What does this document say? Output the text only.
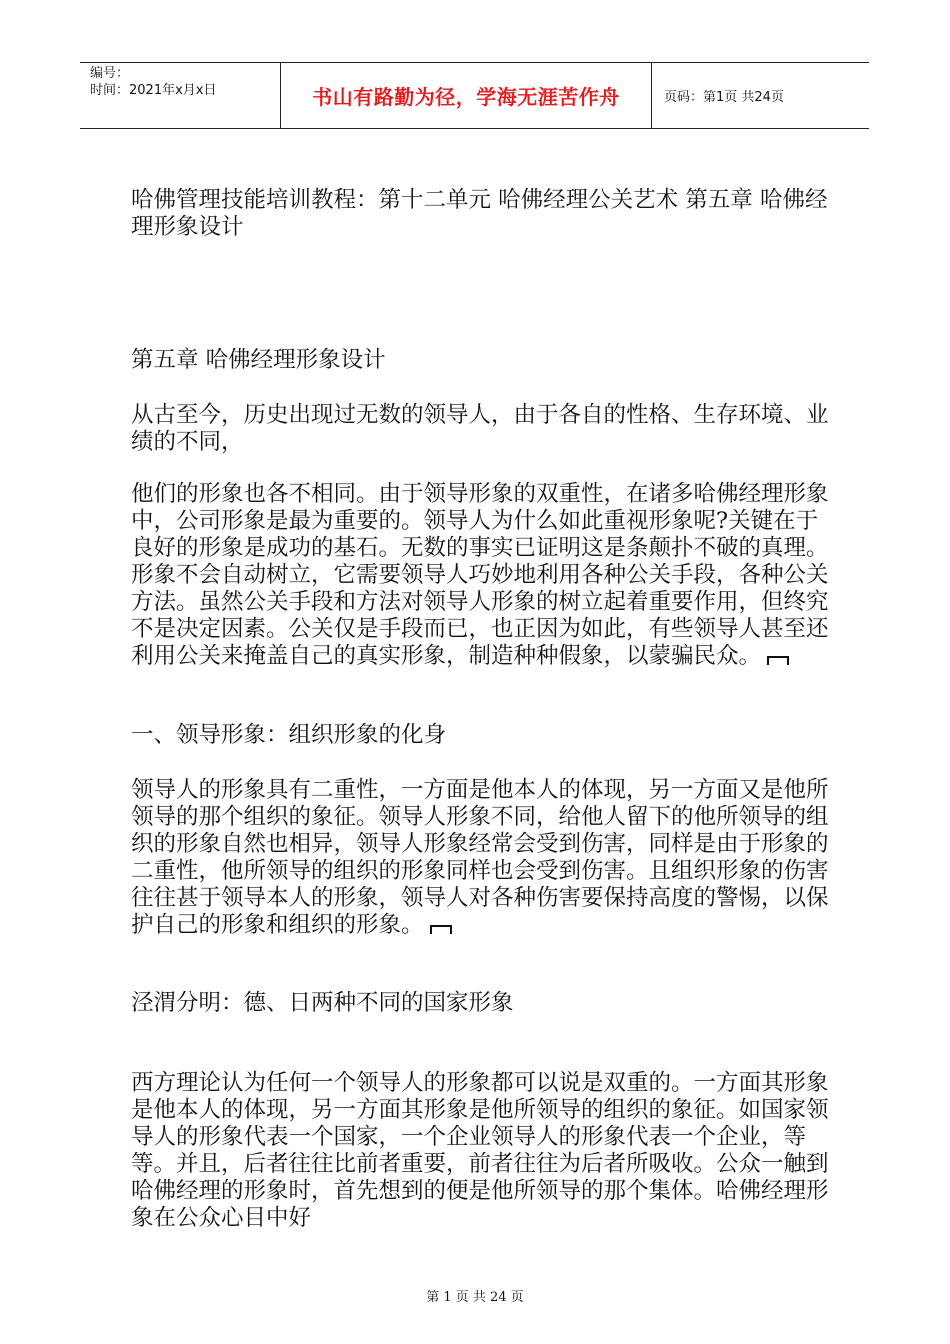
编号：
时间：2021年x月x日	书山有路勤为径，学海无涯苦作舟	页码：第1页 共24页

哈佛管理技能培训教程：第十二单元 哈佛经理公关艺术 第五章 哈佛经理形象设计

第五章 哈佛经理形象设计

从古至今，历史出现过无数的领导人，由于各自的性格、生存环境、业绩的不同，

他们的形象也各不相同。由于领导形象的双重性，在诸多哈佛经理形象中，公司形象是最为重要的。领导人为什么如此重视形象呢?关键在于良好的形象是成功的基石。无数的事实已证明这是条颠扑不破的真理。形象不会自动树立，它需要领导人巧妙地利用各种公关手段，各种公关方法。虽然公关手段和方法对领导人形象的树立起着重要作用，但终究不是决定因素。公关仅是手段而已，也正因为如此，有些领导人甚至还利用公关来掩盖自己的真实形象，制造种种假象，以蒙骗民众。

一、领导形象：组织形象的化身

领导人的形象具有二重性，一方面是他本人的体现，另一方面又是他所领导的那个组织的象征。领导人形象不同，给他人留下的他所领导的组织的形象自然也相异，领导人形象经常会受到伤害，同样是由于形象的二重性，他所领导的组织的形象同样也会受到伤害。且组织形象的伤害往往甚于领导本人的形象，领导人对各种伤害要保持高度的警惕，以保护自己的形象和组织的形象。

泾渭分明：德、日两种不同的国家形象

西方理论认为任何一个领导人的形象都可以说是双重的。一方面其形象是他本人的体现，另一方面其形象是他所领导的组织的象征。如国家领导人的形象代表一个国家，一个企业领导人的形象代表一个企业，等等。并且，后者往往比前者重要，前者往往为后者所吸收。公众一触到哈佛经理的形象时，首先想到的便是他所领导的那个集体。哈佛经理形象在公众心目中好

第 1 页 共 24 页
